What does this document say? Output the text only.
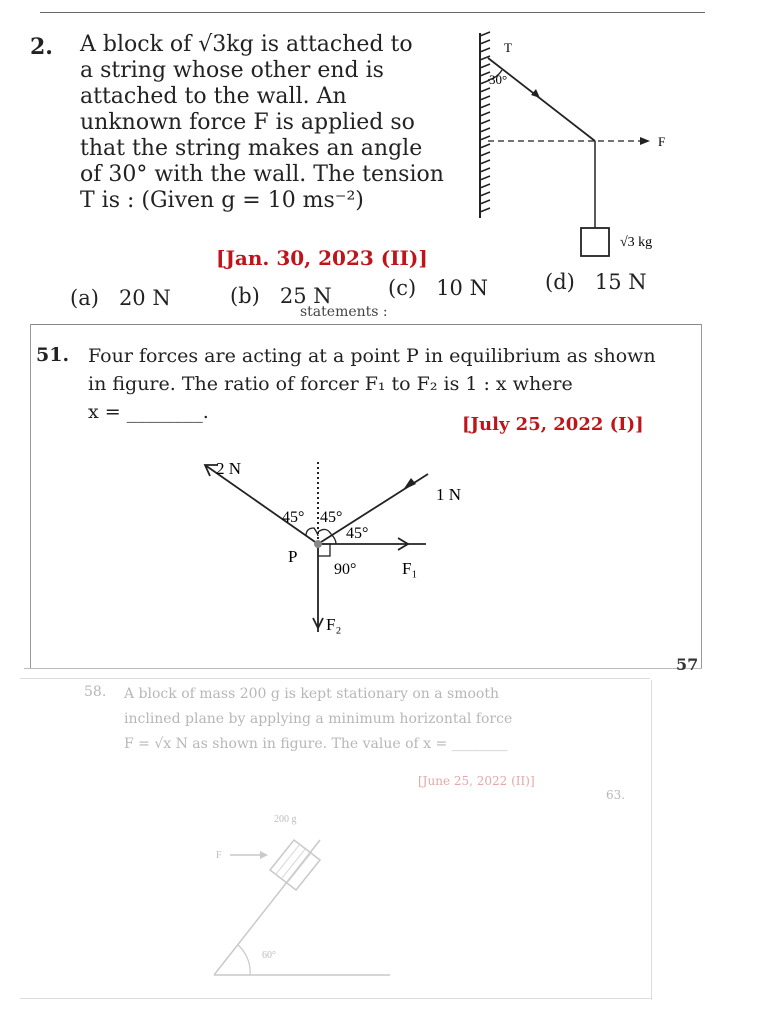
2. A block of √3kg is attached to
a string whose other end is
attached to the wall. An
unknown force F is applied so
that the string makes an angle
of 30° with the wall. The tension
T is : (Given g = 10 ms⁻²)
[Jan. 30, 2023 (II)]
(a) 20 N	(b) 25 N	(c) 10 N	(d) 15 N
statements :
T
30°
F
√3 kg
51. Four forces are acting at a point P in equilibrium as shown
in figure. The ratio of forcer F₁ to F₂ is 1 : x where
x = ________.
[July 25, 2022 (I)]
2 N
1 N
45° 45°
45°
90°
P
F₁
F₂
57
58. A block of mass 200 g is kept stationary on a smooth
inclined plane by applying a minimum horizontal force
F = √x N as shown in figure. The value of x = ________
[June 25, 2022 (II)]
63.
200 g
F
60°
